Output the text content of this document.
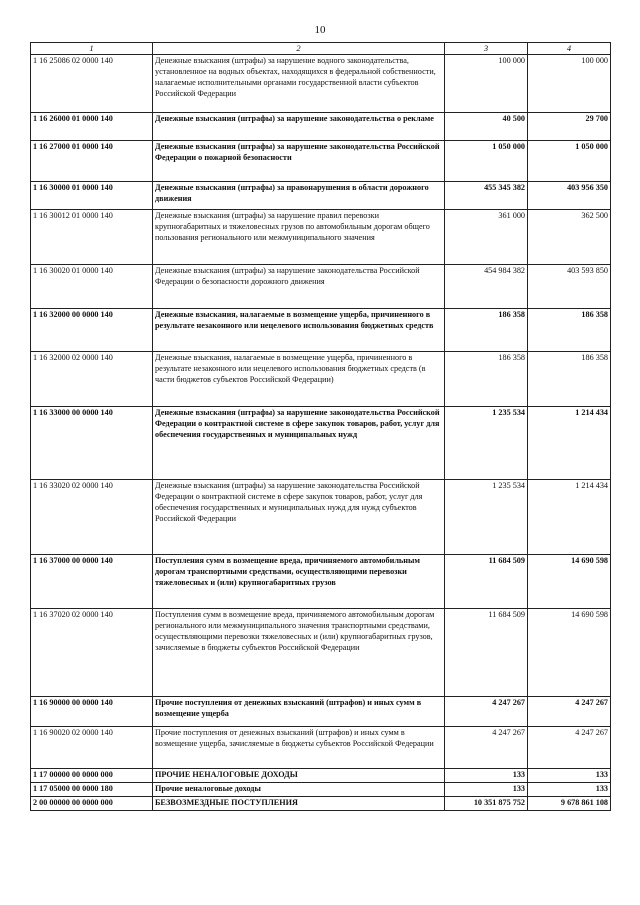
10
1	2	3	4
1 16 25086 02 0000 140	Денежные взыскания (штрафы) за нарушение водного законодательства, установленное на водных объектах, находящихся в федеральной собственности, налагаемые исполнительными органами государственной власти субъектов Российской Федерации	100 000	100 000
1 16 26000 01 0000 140	Денежные взыскания (штрафы) за нарушение законодательства о рекламе	40 500	29 700
1 16 27000 01 0000 140	Денежные взыскания (штрафы) за нарушение законодательства Российской Федерации о пожарной безопасности	1 050 000	1 050 000
1 16 30000 01 0000 140	Денежные взыскания (штрафы) за правонарушения в области дорожного движения	455 345 382	403 956 350
1 16 30012 01 0000 140	Денежные взыскания (штрафы) за нарушение правил перевозки крупногабаритных и тяжеловесных грузов по автомобильным дорогам общего пользования регионального или межмуниципального значения	361 000	362 500
1 16 30020 01 0000 140	Денежные взыскания (штрафы) за нарушение законодательства Российской Федерации о безопасности дорожного движения	454 984 382	403 593 850
1 16 32000 00 0000 140	Денежные взыскания, налагаемые в возмещение ущерба, причиненного в результате незаконного или нецелевого использования бюджетных средств	186 358	186 358
1 16 32000 02 0000 140	Денежные взыскания, налагаемые в возмещение ущерба, причиненного в результате незаконного или нецелевого использования бюджетных средств (в части бюджетов субъектов Российской Федерации)	186 358	186 358
1 16 33000 00 0000 140	Денежные взыскания (штрафы) за нарушение законодательства Российской Федерации о контрактной системе в сфере закупок товаров, работ, услуг для обеспечения государственных и муниципальных нужд	1 235 534	1 214 434
1 16 33020 02 0000 140	Денежные взыскания (штрафы) за нарушение законодательства Российской Федерации о контрактной системе в сфере закупок товаров, работ, услуг для обеспечения государственных и муниципальных нужд для нужд субъектов Российской Федерации	1 235 534	1 214 434
1 16 37000 00 0000 140	Поступления сумм в возмещение вреда, причиняемого автомобильным дорогам транспортными средствами, осуществляющими перевозки тяжеловесных и (или) крупногабаритных грузов	11 684 509	14 690 598
1 16 37020 02 0000 140	Поступления сумм в возмещение вреда, причиняемого автомобильным дорогам регионального или межмуниципального значения транспортными средствами, осуществляющими перевозки тяжеловесных и (или) крупногабаритных грузов, зачисляемые в бюджеты субъектов Российской Федерации	11 684 509	14 690 598
1 16 90000 00 0000 140	Прочие поступления от денежных взысканий (штрафов) и иных сумм в возмещение ущерба	4 247 267	4 247 267
1 16 90020 02 0000 140	Прочие поступления от денежных взысканий (штрафов) и иных сумм в возмещение ущерба, зачисляемые в бюджеты субъектов Российской Федерации	4 247 267	4 247 267
1 17 00000 00 0000 000	ПРОЧИЕ НЕНАЛОГОВЫЕ ДОХОДЫ	133	133
1 17 05000 00 0000 180	Прочие неналоговые доходы	133	133
2 00 00000 00 0000 000	БЕЗВОЗМЕЗДНЫЕ ПОСТУПЛЕНИЯ	10 351 875 752	9 678 861 108
